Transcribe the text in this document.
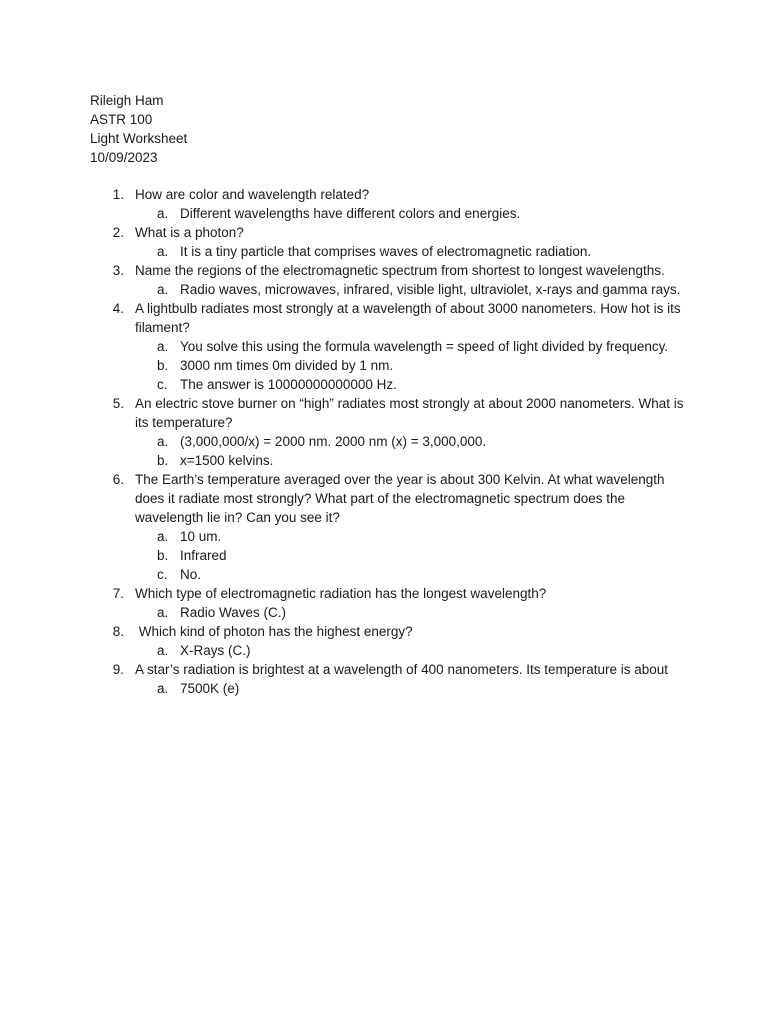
Rileigh Ham
ASTR 100
Light Worksheet
10/09/2023
1. How are color and wavelength related?
a. Different wavelengths have different colors and energies.
2. What is a photon?
a. It is a tiny particle that comprises waves of electromagnetic radiation.
3. Name the regions of the electromagnetic spectrum from shortest to longest wavelengths.
a. Radio waves, microwaves, infrared, visible light, ultraviolet, x-rays and gamma rays.
4. A lightbulb radiates most strongly at a wavelength of about 3000 nanometers. How hot is its filament?
a. You solve this using the formula wavelength = speed of light divided by frequency.
b. 3000 nm times 0m divided by 1 nm.
c. The answer is 10000000000000 Hz.
5. An electric stove burner on “high” radiates most strongly at about 2000 nanometers. What is its temperature?
a. (3,000,000/x) = 2000 nm. 2000 nm (x) = 3,000,000.
b. x=1500 kelvins.
6. The Earth’s temperature averaged over the year is about 300 Kelvin. At what wavelength does it radiate most strongly? What part of the electromagnetic spectrum does the wavelength lie in? Can you see it?
a. 10 um.
b. Infrared
c. No.
7. Which type of electromagnetic radiation has the longest wavelength?
a. Radio Waves (C.)
8. Which kind of photon has the highest energy?
a. X-Rays (C.)
9. A star’s radiation is brightest at a wavelength of 400 nanometers. Its temperature is about
a. 7500K (e)
